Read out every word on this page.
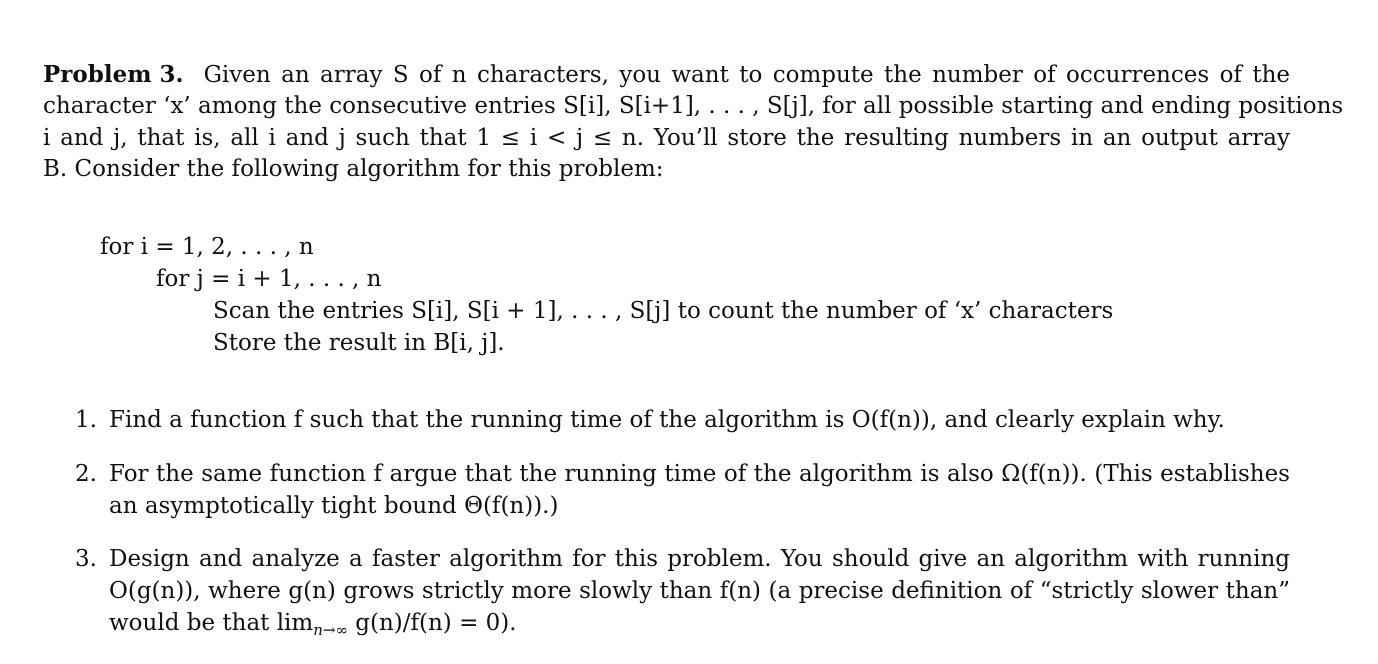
Problem 3. Given an array S of n characters, you want to compute the number of occurrences of the
character ‘x’ among the consecutive entries S[i], S[i+1], . . . , S[j], for all possible starting and ending positions
i and j, that is, all i and j such that 1 ≤ i < j ≤ n. You’ll store the resulting numbers in an output array
B. Consider the following algorithm for this problem:
for i = 1, 2, . . . , n
for j = i + 1, . . . , n
Scan the entries S[i], S[i + 1], . . . , S[j] to count the number of ‘x’ characters
Store the result in B[i, j].
1. Find a function f such that the running time of the algorithm is O(f(n)), and clearly explain why.
2. For the same function f argue that the running time of the algorithm is also Ω(f(n)). (This establishes
an asymptotically tight bound Θ(f(n)).)
3. Design and analyze a faster algorithm for this problem. You should give an algorithm with running
O(g(n)), where g(n) grows strictly more slowly than f(n) (a precise definition of “strictly slower than”
would be that $\lim_{n\to\infty} g(n)/f(n) = 0$).
